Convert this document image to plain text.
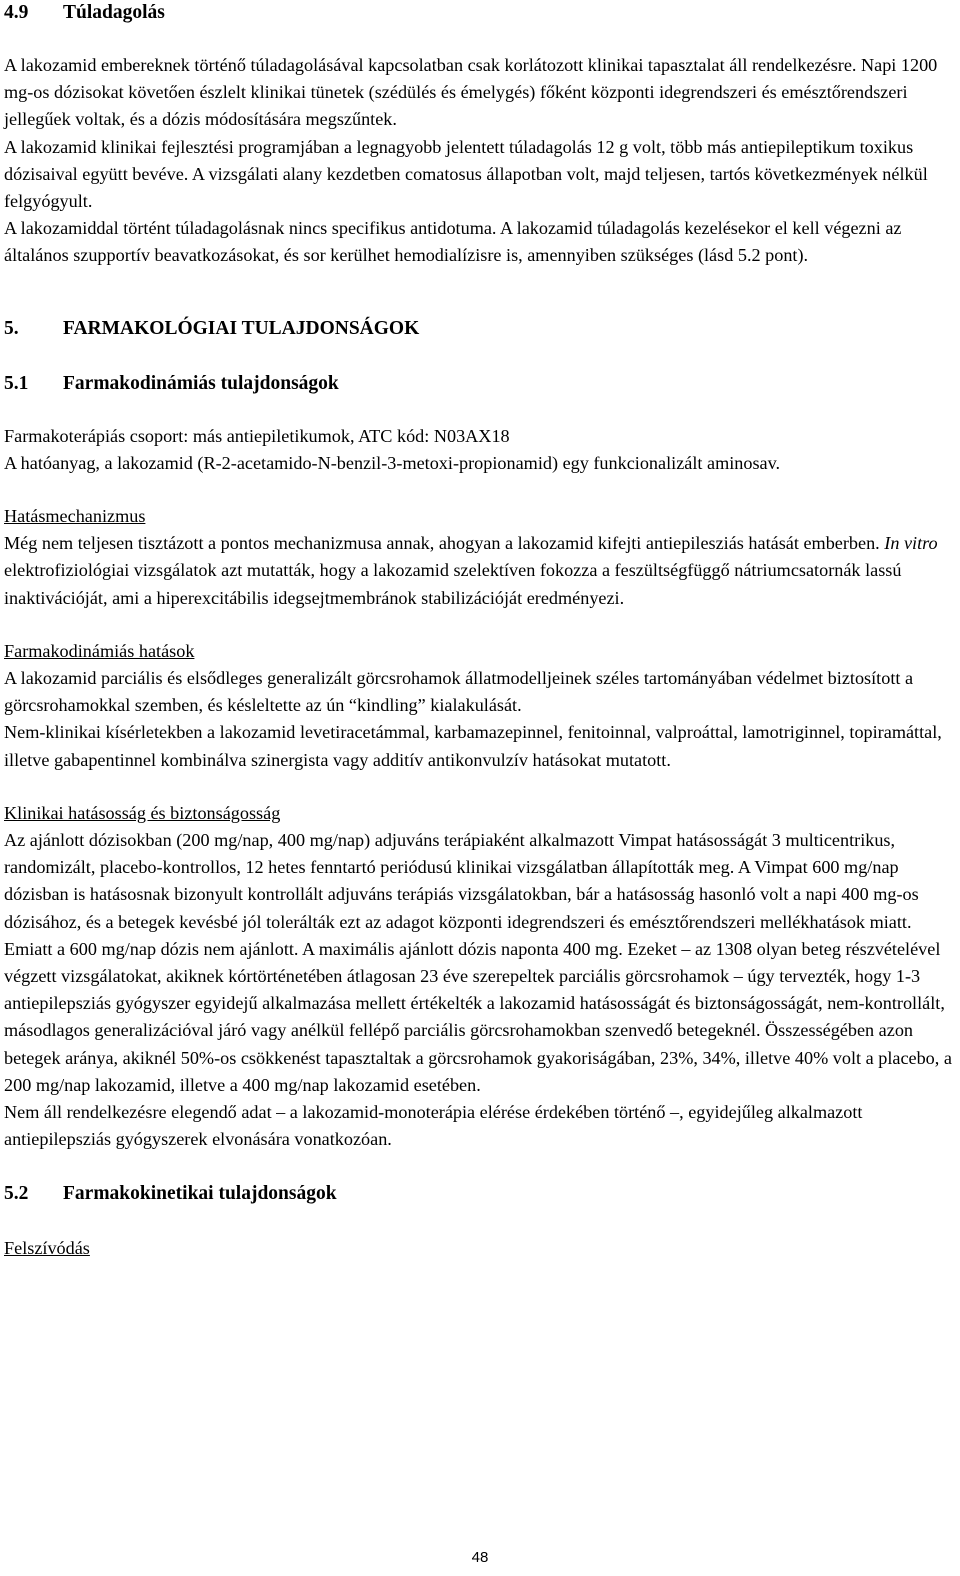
4.9 Túladagolás

A lakozamid embereknek történő túladagolásával kapcsolatban csak korlátozott klinikai tapasztalat áll rendelkezésre. Napi 1200 mg-os dózisokat követően észlelt klinikai tünetek (szédülés és émelygés) főként központi idegrendszeri és emésztőrendszeri jellegűek voltak, és a dózis módosítására megszűntek.

A lakozamid klinikai fejlesztési programjában a legnagyobb jelentett túladagolás 12 g volt, több más antiepileptikum toxikus dózisaival együtt bevéve. A vizsgálati alany kezdetben comatosus állapotban volt, majd teljesen, tartós következmények nélkül felgyógyult.

A lakozamiddal történt túladagolásnak nincs specifikus antidotuma. A lakozamid túladagolás kezelésekor el kell végezni az általános szupportív beavatkozásokat, és sor kerülhet hemodialízisre is, amennyiben szükséges (lásd 5.2 pont).

5. FARMAKOLÓGIAI TULAJDONSÁGOK
5.1 Farmakodinámiás tulajdonságok

Farmakoterápiás csoport: más antiepiletikumok, ATC kód: N03AX18

A hatóanyag, a lakozamid (R-2-acetamido-N-benzil-3-metoxi-propionamid) egy funkcionalizált aminosav.

Hatásmechanizmus

Még nem teljesen tisztázott a pontos mechanizmusa annak, ahogyan a lakozamid kifejti antiepilesziás hatását emberben. In vitro elektrofiziológiai vizsgálatok azt mutatták, hogy a lakozamid szelektíven fokozza a feszültségfüggő nátriumcsatornák lassú inaktivációját, ami a hiperexcitábilis idegsejtmembránok stabilizációját eredményezi.

Farmakodinámiás hatások

A lakozamid parciális és elsődleges generalizált görcsrohamok állatmodelljeinek széles tartományában védelmet biztosított a görcsrohamokkal szemben, és késleltette az ún “kindling” kialakulását.

Nem-klinikai kísérletekben a lakozamid levetiracetámmal, karbamazepinnel, fenitoinnal, valproáttal, lamotriginnel, topiramáttal, illetve gabapentinnel kombinálva szinergista vagy additív antikonvulzív hatásokat mutatott.

Klinikai hatásosság és biztonságosság

Az ajánlott dózisokban (200 mg/nap, 400 mg/nap) adjuváns terápiaként alkalmazott Vimpat hatásosságát 3 multicentrikus, randomizált, placebo-kontrollos, 12 hetes fenntartó periódusú klinikai vizsgálatban állapították meg. A Vimpat 600 mg/nap dózisban is hatásosnak bizonyult kontrollált adjuváns terápiás vizsgálatokban, bár a hatásosság hasonló volt a napi 400 mg-os dózisához, és a betegek kevésbé jól tolerálták ezt az adagot központi idegrendszeri és emésztőrendszeri mellékhatások miatt. Emiatt a 600 mg/nap dózis nem ajánlott. A maximális ajánlott dózis naponta 400 mg. Ezeket – az 1308 olyan beteg részvételével végzett vizsgálatokat, akiknek kórtörténetében átlagosan 23 éve szerepeltek parciális görcsrohamok – úgy tervezték, hogy 1-3 antiepilepsziás gyógyszer egyidejű alkalmazása mellett értékelték a lakozamid hatásosságát és biztonságosságát, nem-kontrollált, másodlagos generalizációval járó vagy anélkül fellépő parciális görcsrohamokban szenvedő betegeknél. Összességében azon betegek aránya, akiknél 50%-os csökkenést tapasztaltak a görcsrohamok gyakoriságában, 23%, 34%, illetve 40% volt a placebo, a 200 mg/nap lakozamid, illetve a 400 mg/nap lakozamid esetében.

Nem áll rendelkezésre elegendő adat – a lakozamid-monoterápia elérése érdekében történő –, egyidejűleg alkalmazott antiepilepsziás gyógyszerek elvonására vonatkozóan.

5.2 Farmakokinetikai tulajdonságok

Felszívódás

48
